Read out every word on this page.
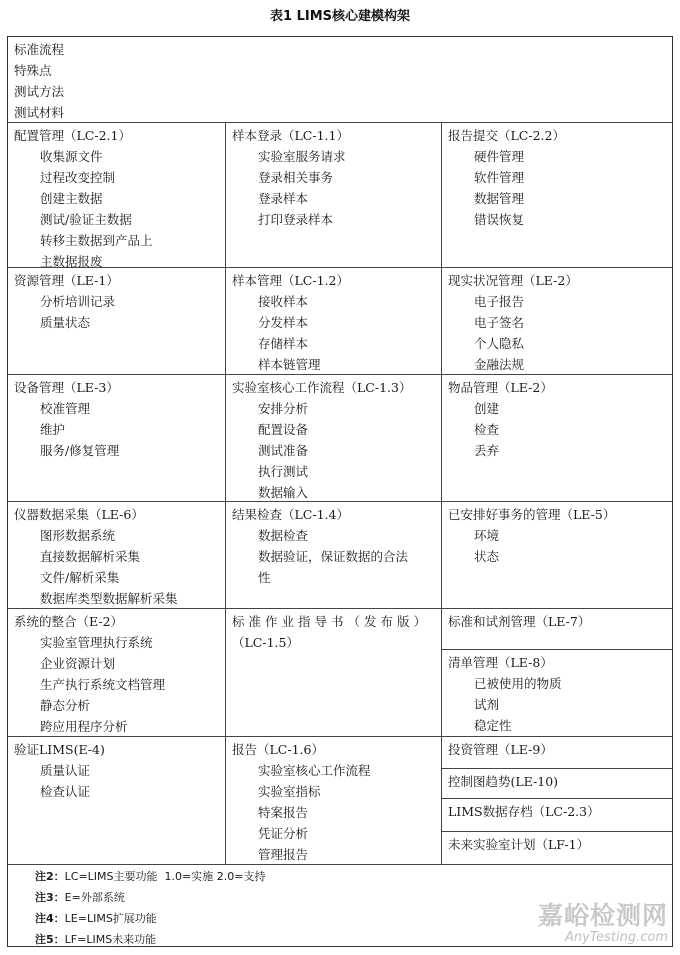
表1 LIMS核心建模构架
标准流程
特殊点
测试方法
测试材料
配置管理（LC-2.1）
收集源文件
过程改变控制
创建主数据
测试/验证主数据
转移主数据到产品上
主数据报废
样本登录（LC-1.1）
实验室服务请求
登录相关事务
登录样本
打印登录样本
报告提交（LC-2.2）
硬件管理
软件管理
数据管理
错误恢复
资源管理（LE-1）
分析培训记录
质量状态
样本管理（LC-1.2）
接收样本
分发样本
存储样本
样本链管理
现实状况管理（LE-2）
电子报告
电子签名
个人隐私
金融法规
设备管理（LE-3）
校准管理
维护
服务/修复管理
实验室核心工作流程（LC-1.3）
安排分析
配置设备
测试准备
执行测试
数据输入
物品管理（LE-2）
创建
检查
丢弃
仪器数据采集（LE-6）
图形数据系统
直接数据解析采集
文件/解析采集
数据库类型数据解析采集
结果检查（LC-1.4）
数据检查
数据验证，保证数据的合法
性
已安排好事务的管理（LE-5）
环境
状态
系统的整合（E-2）
实验室管理执行系统
企业资源计划
生产执行系统文档管理
静态分析
跨应用程序分析
标准作业指导书（发布版）
（LC-1.5）
标准和试剂管理（LE-7）
清单管理（LE-8）
已被使用的物质
试剂
稳定性
验证LIMS(E-4)
质量认证
检查认证
报告（LC-1.6）
实验室核心工作流程
实验室指标
特案报告
凭证分析
管理报告
投资管理（LE-9）
控制图趋势(LE-10)
LIMS数据存档（LC-2.3）
未来实验室计划（LF-1）
注2：LC=LIMS主要功能  1.0=实施 2.0=支持
注3：E=外部系统
注4：LE=LIMS扩展功能
注5：LF=LIMS未来功能
嘉峪检测网
AnyTesting.com
